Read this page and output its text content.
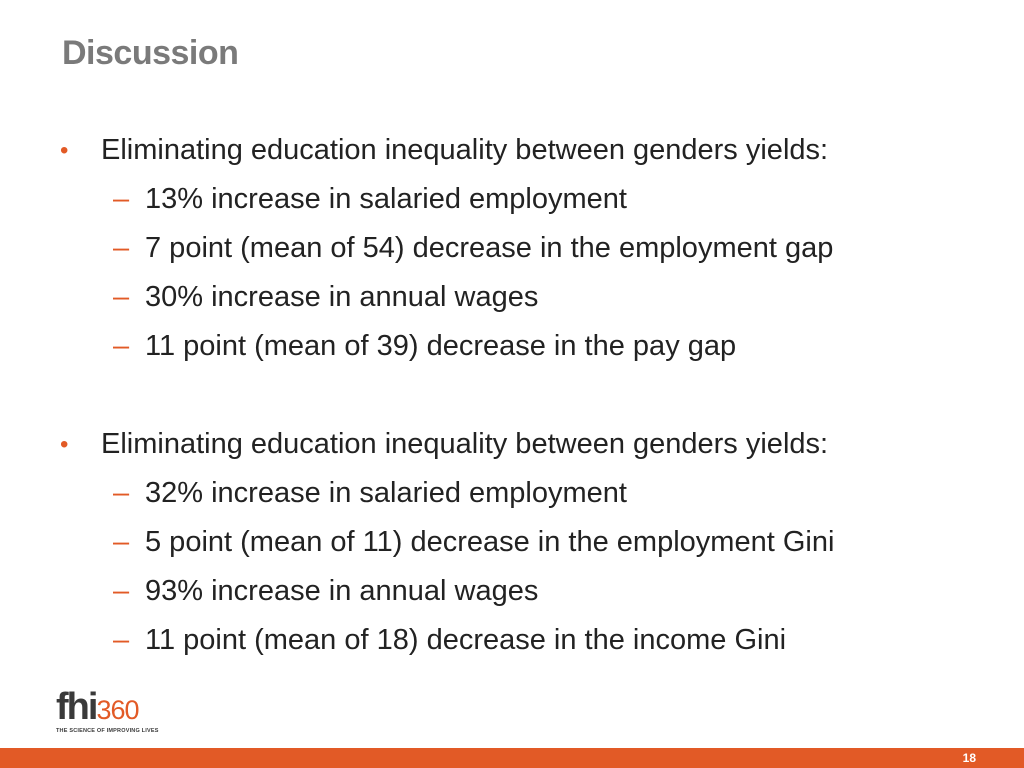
Discussion
• Eliminating education inequality between genders yields:
– 13% increase in salaried employment
– 7 point (mean of 54) decrease in the employment gap
– 30% increase in annual wages
– 11 point (mean of 39) decrease in the pay gap
• Eliminating education inequality between genders yields:
– 32% increase in salaried employment
– 5 point (mean of 11) decrease in the employment Gini
– 93% increase in annual wages
– 11 point (mean of 18) decrease in the income Gini
fhi360
THE SCIENCE OF IMPROVING LIVES
18
